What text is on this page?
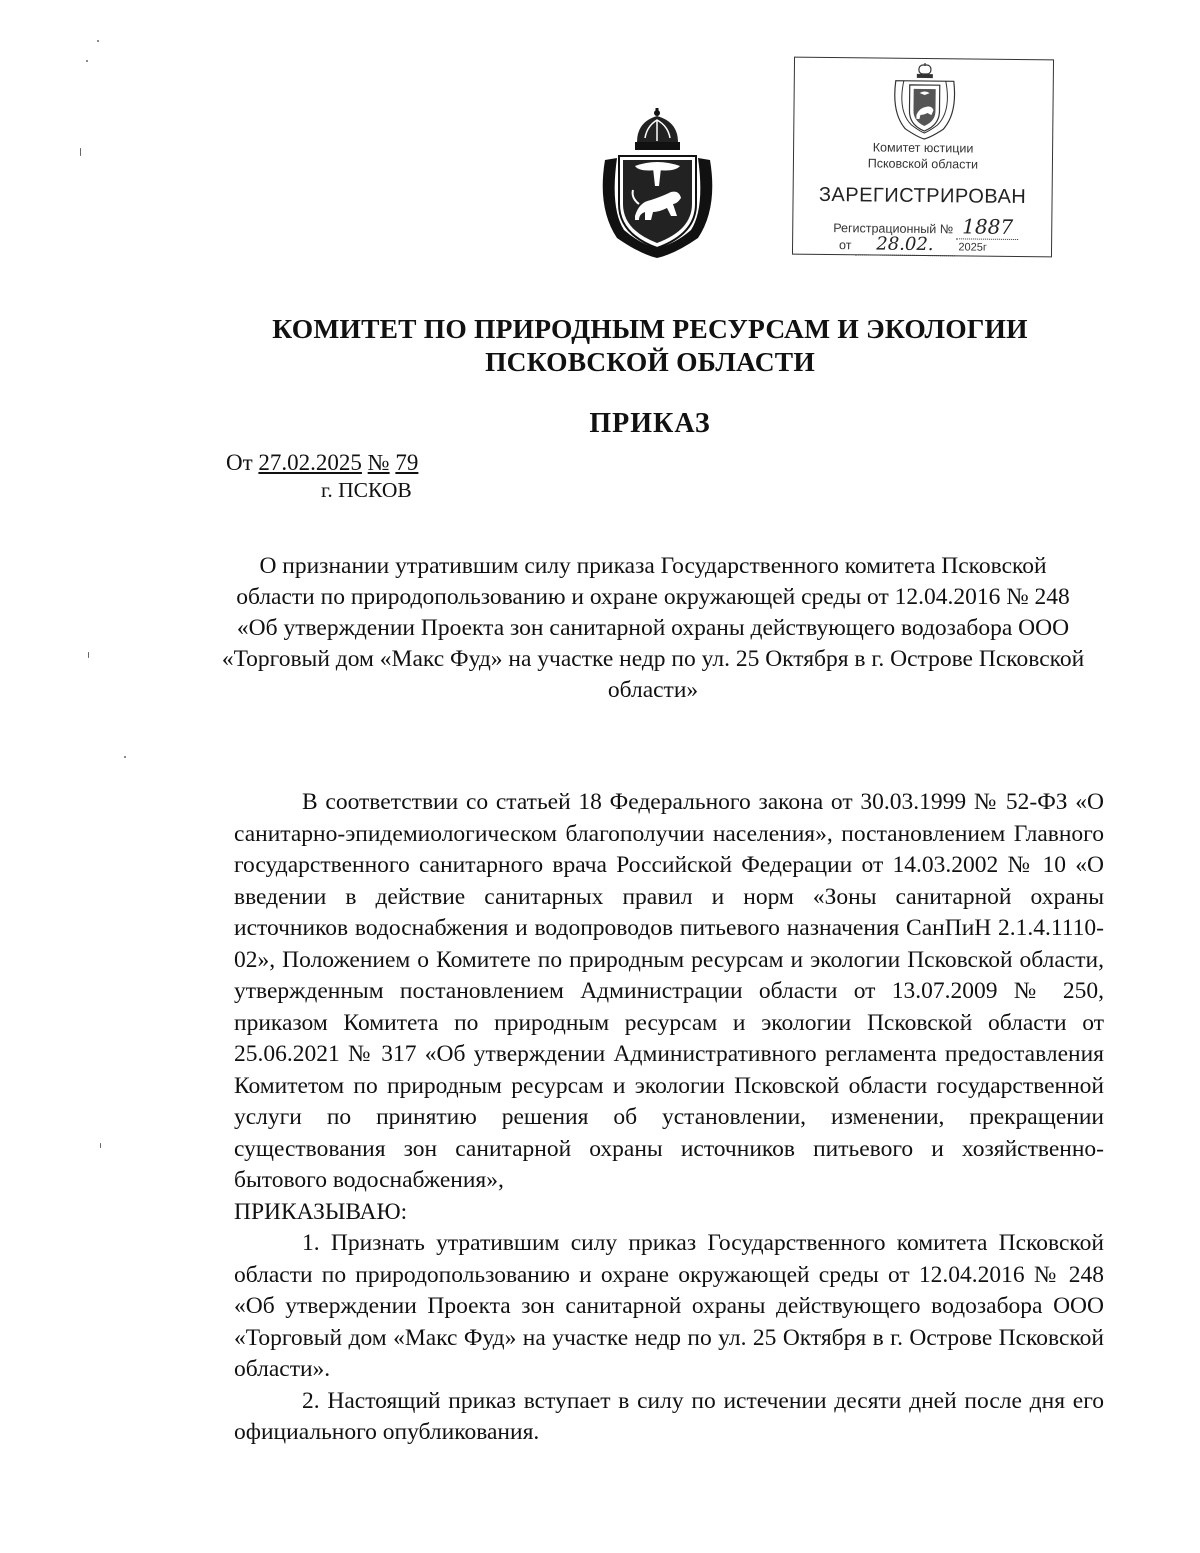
Комитет юстиции
Псковской области
ЗАРЕГИСТРИРОВАН
Регистрационный № 1887
от 28.02. 2025г
КОМИТЕТ ПО ПРИРОДНЫМ РЕСУРСАМ И ЭКОЛОГИИ
ПСКОВСКОЙ ОБЛАСТИ
ПРИКАЗ
От 27.02.2025 № 79
г. ПСКОВ
О признании утратившим силу приказа Государственного комитета Псковской области по природопользованию и охране окружающей среды от 12.04.2016 № 248 «Об утверждении Проекта зон санитарной охраны действующего водозабора ООО «Торговый дом «Макс Фуд» на участке недр по ул. 25 Октября в г. Острове Псковской области»

В соответствии со статьей 18 Федерального закона от 30.03.1999 № 52-ФЗ «О санитарно-эпидемиологическом благополучии населения», постановлением Главного государственного санитарного врача Российской Федерации от 14.03.2002 № 10 «О введении в действие санитарных правил и норм «Зоны санитарной охраны источников водоснабжения и водопроводов питьевого назначения СанПиН 2.1.4.1110-02», Положением о Комитете по природным ресурсам и экологии Псковской области, утвержденным постановлением Администрации области от 13.07.2009 № 250, приказом Комитета по природным ресурсам и экологии Псковской области от 25.06.2021 № 317 «Об утверждении Административного регламента предоставления Комитетом по природным ресурсам и экологии Псковской области государственной услуги по принятию решения об установлении, изменении, прекращении существования зон санитарной охраны источников питьевого и хозяйственно-бытового водоснабжения»,

ПРИКАЗЫВАЮ:

1. Признать утратившим силу приказ Государственного комитета Псковской области по природопользованию и охране окружающей среды от 12.04.2016 № 248 «Об утверждении Проекта зон санитарной охраны действующего водозабора ООО «Торговый дом «Макс Фуд» на участке недр по ул. 25 Октября в г. Острове Псковской области».

2. Настоящий приказ вступает в силу по истечении десяти дней после дня его официального опубликования.
